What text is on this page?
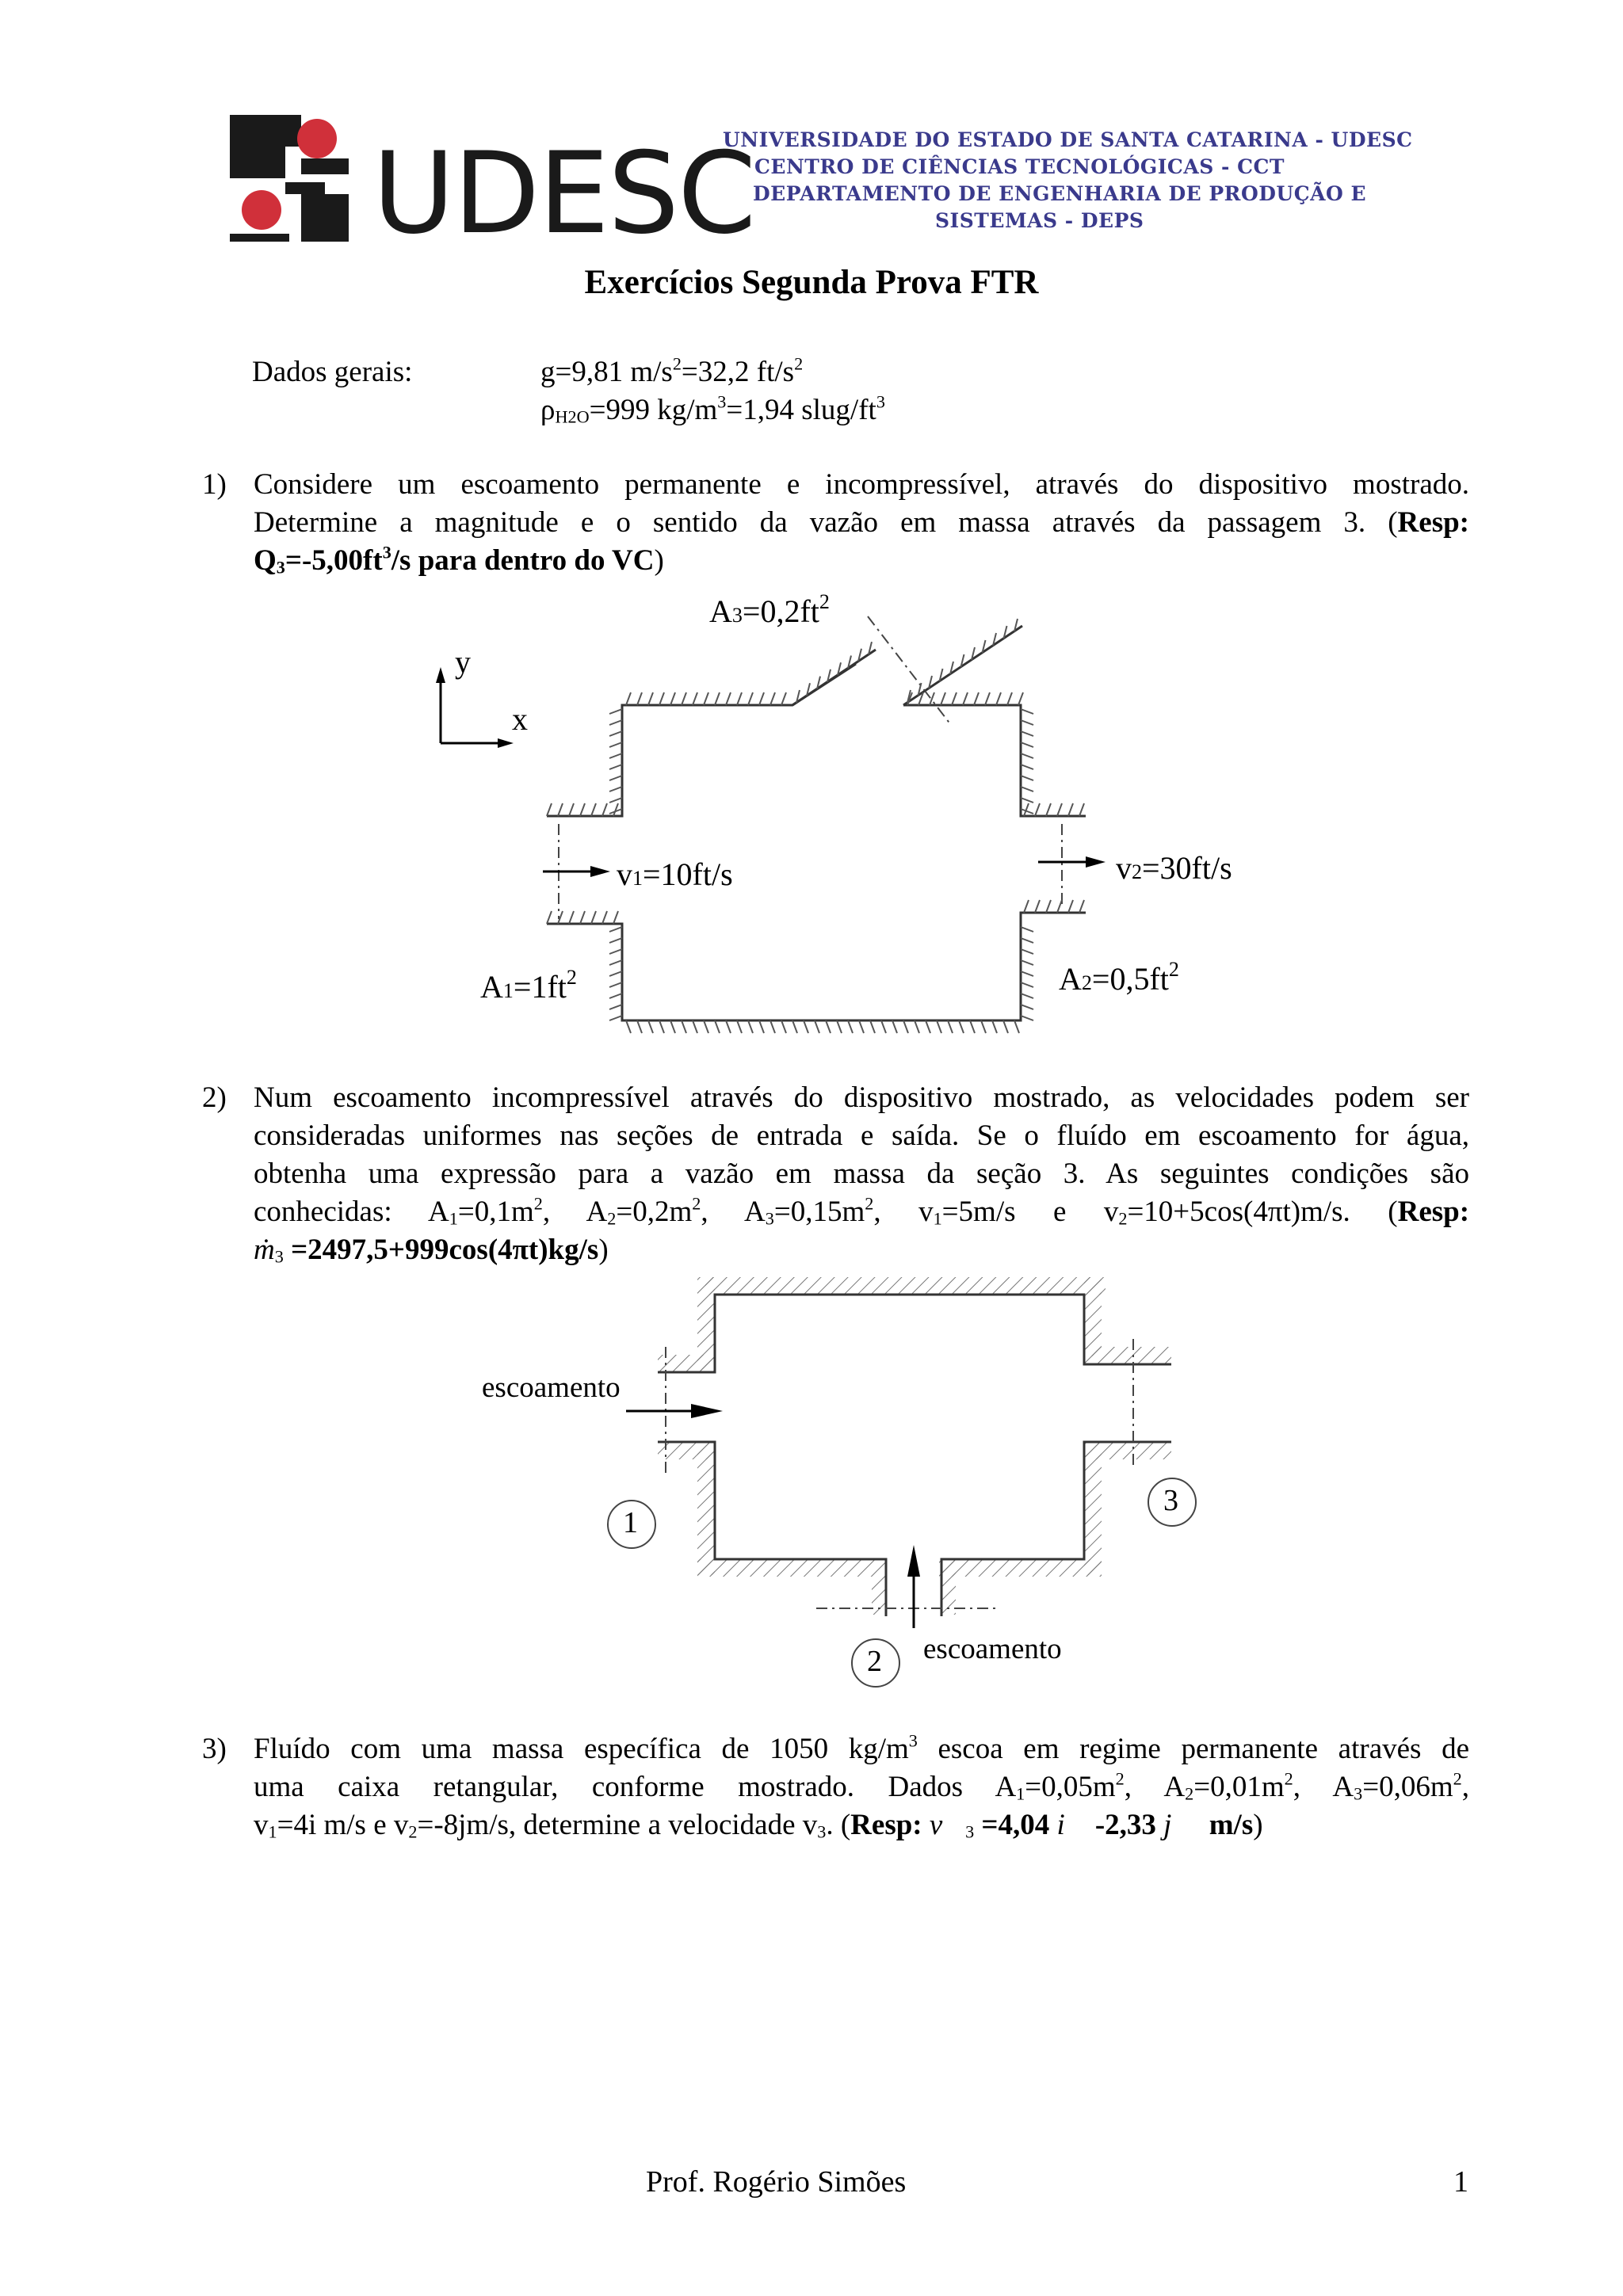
UDESC
UNIVERSIDADE DO ESTADO DE SANTA CATARINA - UDESC
CENTRO DE CIÊNCIAS TECNOLÓGICAS - CCT
DEPARTAMENTO DE ENGENHARIA DE PRODUÇÃO E
SISTEMAS - DEPS
Exercícios Segunda Prova FTR
Dados gerais:	g=9,81 $m/s^2=32,2$ $ft/s^2$
$\rho_{H2O}=999$ $kg/m^3=1,94$ slug/$ft^3$
1) Considere um escoamento permanente e incompressível, através do dispositivo mostrado.
Determine a magnitude e o sentido da vazão em massa através da passagem 3. (Resp:
$Q_3=-5,00ft^3/s$ para dentro do VC)
$A3=0,2ft^2$
y
x
v1=10ft/s	v2=30ft/s
$A1=1ft^2$	$A2=0,5ft^2$
2) Num escoamento incompressível através do dispositivo mostrado, as velocidades podem ser
consideradas uniformes nas seções de entrada e saída. Se o fluído em escoamento for água,
obtenha uma expressão para a vazão em massa da seção 3. As seguintes condições são
conhecidas: $A_1=0,1m^2$, $A_2=0,2m^2$, $A_3=0,15m^2$, $v_1=5m/s$ e $v_2=10+5\cos(4\pi t)m/s$. (Resp:
ṁ$_3$ =2497,5+999cos(4πt)kg/s)
escoamento
escoamento
1
2
3
3) Fluído com uma massa específica de 1050 $kg/m^3$ escoa em regime permanente através de
uma caixa retangular, conforme mostrado. Dados $A_1=0,05m^2$, $A_2=0,01m^2$, $A_3=0,06m^2$,
$v_1=4i$ m/s e $v_2=-8jm/s$, determine a velocidade $v_3$. (Resp: $v⃗_3 =4,04$ i⃗ -2,33 j⃗ m/s)
Prof. Rogério Simões	1
